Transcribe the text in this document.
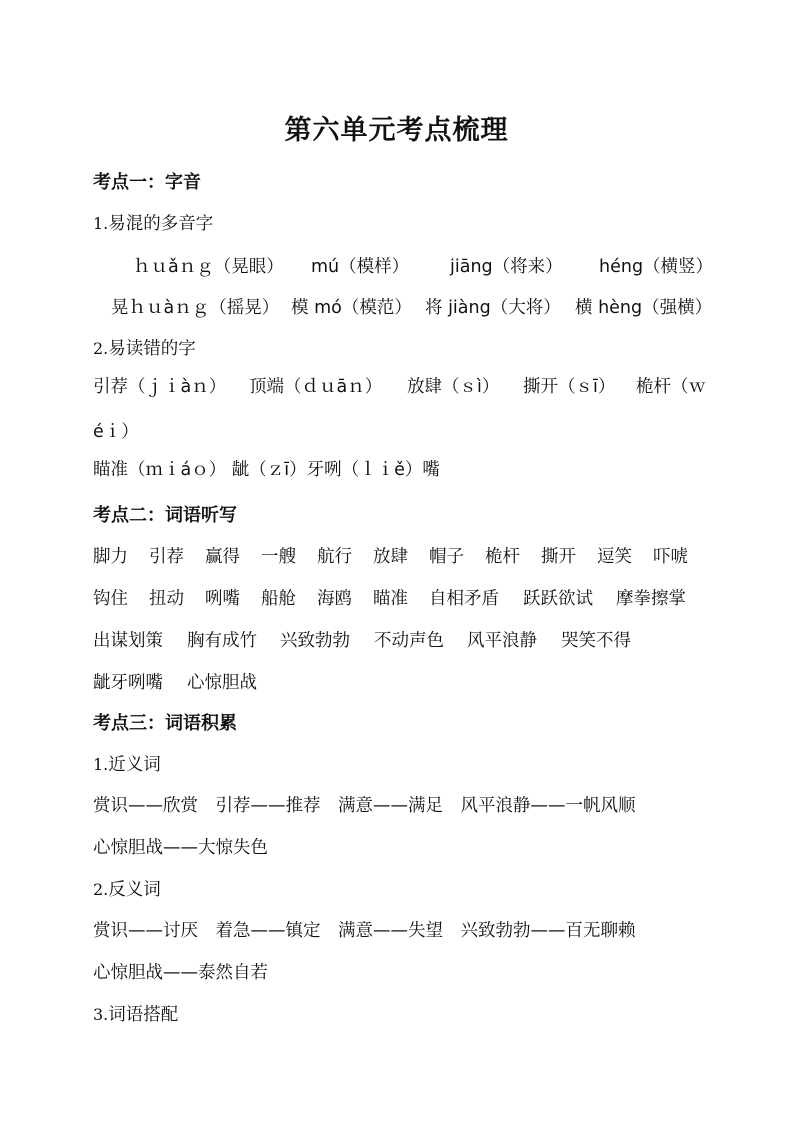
第六单元考点梳理
考点一：字音
1.易混的多音字
ｈｕǎｎｇ（晃眼） mú（模样） jiāng（将来） héng（横竖）
晃ｈｕàｎｇ（摇晃） 模 mó（模范） 将 jiàng（大将） 横 hèng（强横）
2.易读错的字
引荐（ｊｉàｎ） 顶端（ｄｕāｎ） 放肆（ｓì） 撕开（ｓī） 桅杆（ｗ
éｉ）
瞄准（ｍｉáｏ） 龇（ｚī）牙咧（ｌｉě）嘴
考点二：词语听写
脚力 引荐 赢得 一艘 航行 放肆 帽子 桅杆 撕开 逗笑 吓唬
钩住 扭动 咧嘴 船舱 海鸥 瞄准 自相矛盾 跃跃欲试 摩拳擦掌
出谋划策 胸有成竹 兴致勃勃 不动声色 风平浪静 哭笑不得
龇牙咧嘴 心惊胆战
考点三：词语积累
1.近义词
赏识——欣赏　引荐——推荐　满意——满足　风平浪静——一帆风顺
心惊胆战——大惊失色
2.反义词
赏识——讨厌　着急——镇定　满意——失望　兴致勃勃——百无聊赖
心惊胆战——泰然自若
3.词语搭配
